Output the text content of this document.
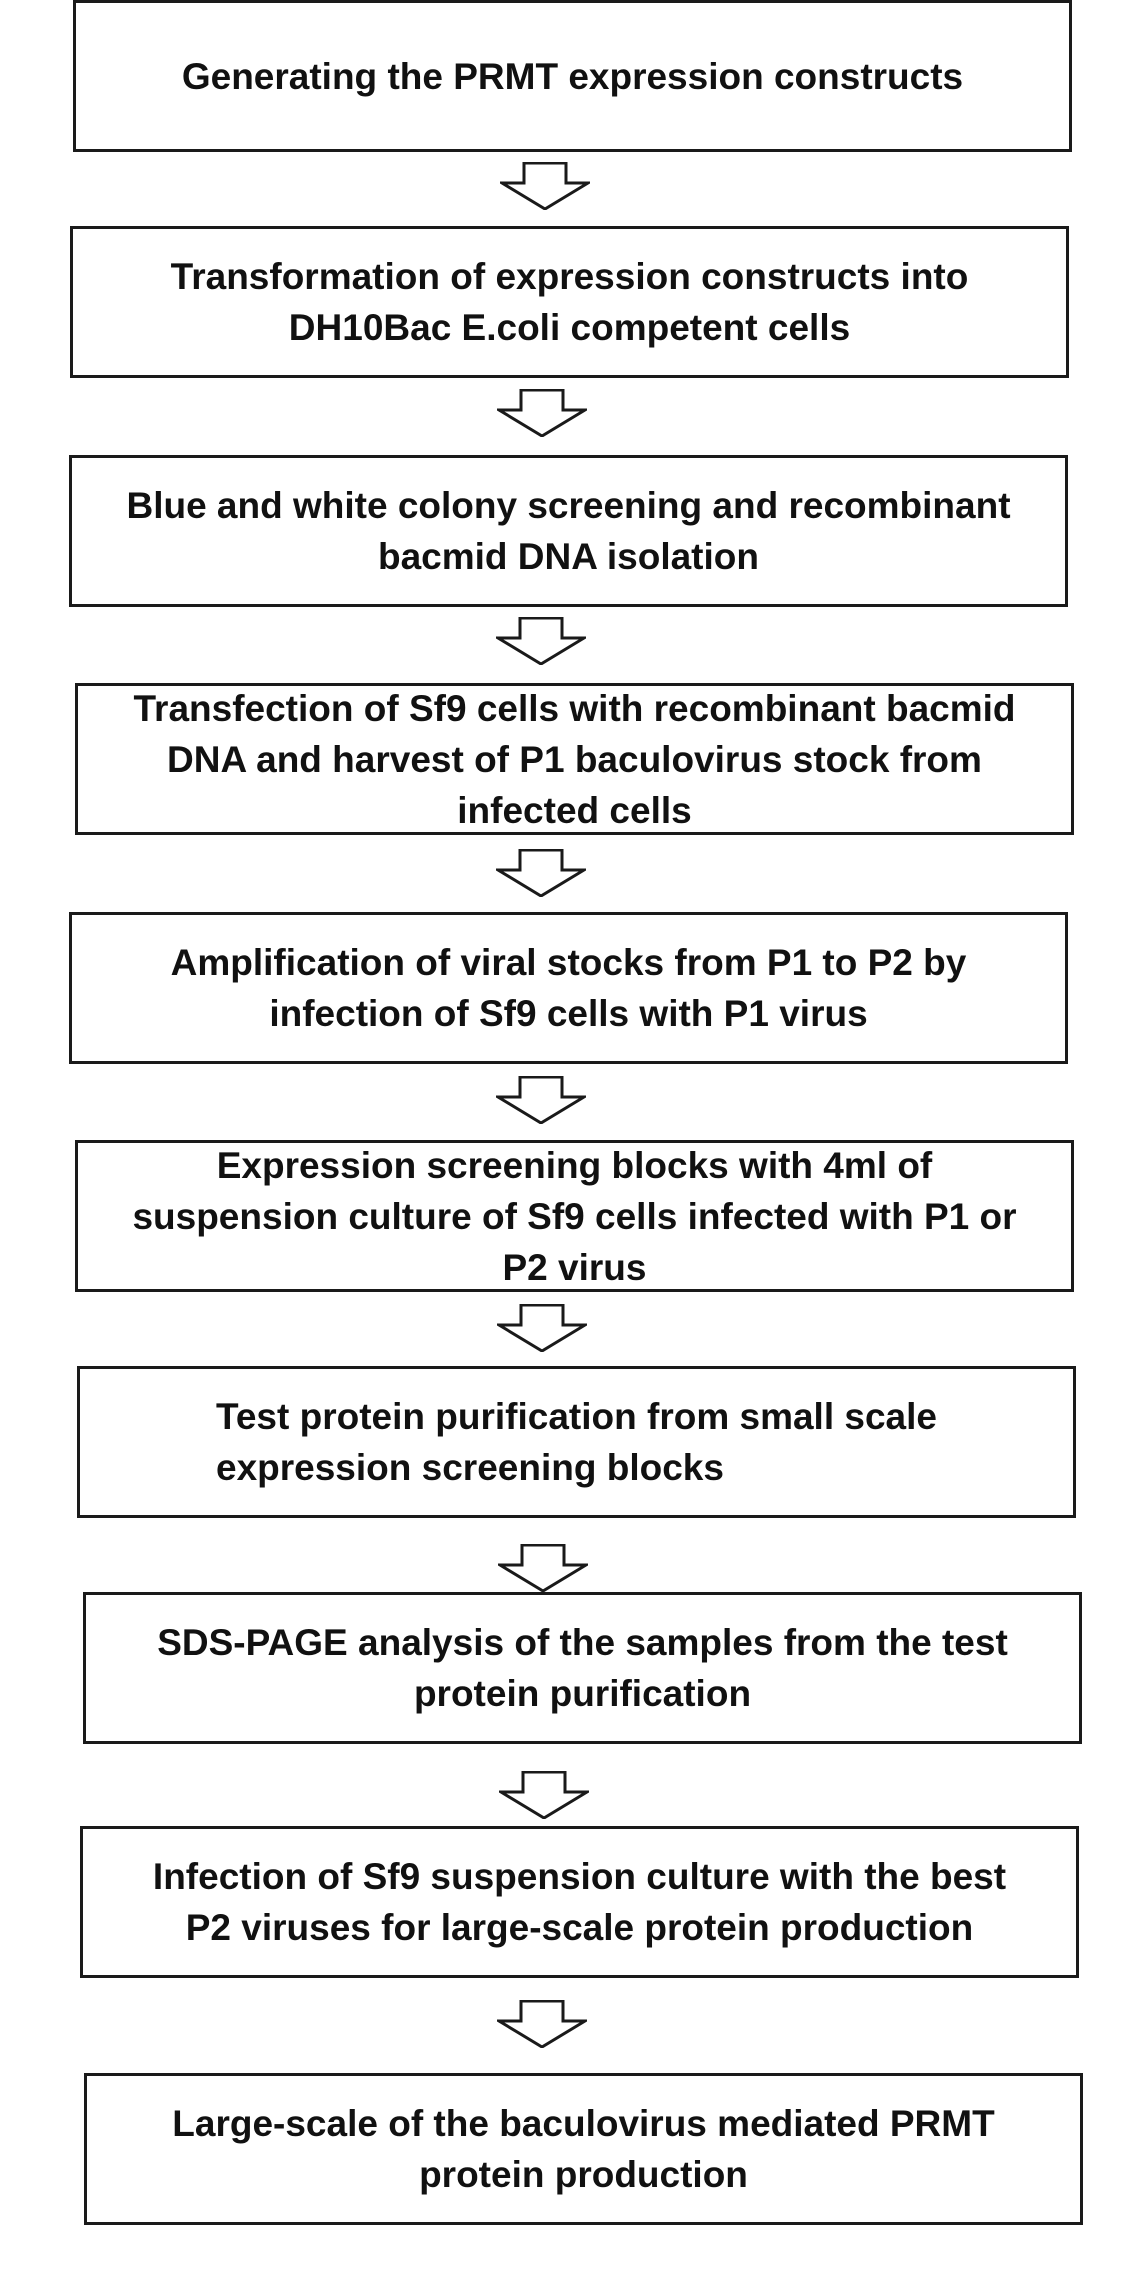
Generating the PRMT expression constructs
Transformation of expression constructs into
DH10Bac E.coli competent cells
Blue and white colony screening and recombinant
bacmid DNA isolation
Transfection of Sf9 cells with recombinant bacmid
DNA and harvest of P1 baculovirus stock from
infected cells
Amplification of viral stocks from P1 to P2 by
infection of Sf9 cells with P1 virus
Expression screening blocks with 4ml of
suspension culture of Sf9 cells infected with P1 or
P2 virus
Test protein purification from small scale
expression screening blocks
SDS-PAGE analysis of the samples from the test
protein purification
Infection of Sf9 suspension culture with the best
P2 viruses for large-scale protein production
Large-scale of the baculovirus mediated PRMT
protein production
